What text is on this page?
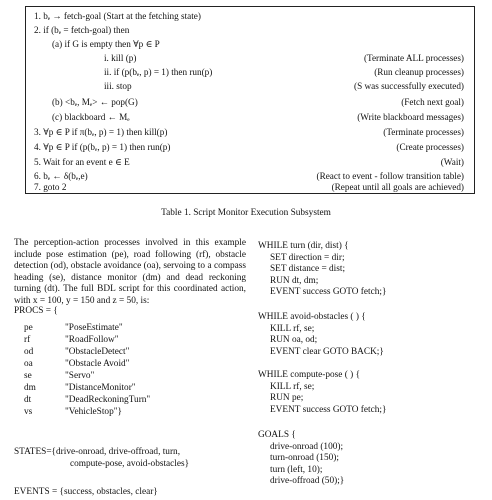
1. bₑ → fetch-goal (Start at the fetching state)
2. if (bₑ = fetch-goal) then
(a) if G is empty then ∀p ∈ P
i. kill (p)	(Terminate ALL processes)
ii. if (p(bₑ, p) = 1) then run(p)	(Run cleanup processes)
iii. stop	(S was successfully executed)
(b) <bₑ, Mₑ> ← pop(G)	(Fetch next goal)
(c) blackboard ← Mₑ	(Write blackboard messages)
3. ∀p ∈ P if π(bₑ, p) = 1) then kill(p)	(Terminate processes)
4. ∀p ∈ P if (p(bₑ, p) = 1) then run(p)	(Create processes)
5. Wait for an event e ∈ E	(Wait)
6. bₑ ← δ(bₑ,e)	(React to event - follow transition table)
7. goto 2	(Repeat until all goals are achieved)
Table 1. Script Monitor Execution Subsystem
The perception-action processes involved in this example include pose estimation (pe), road following (rf), obstacle detection (od), obstacle avoidance (oa), servoing to a compass heading (se), distance monitor (dm) and dead reckoning turning (dt). The full BDL script for this coordinated action, with x = 100, y = 150 and z = 50, is:
PROCS = {
pe	"PoseEstimate"
rf	"RoadFollow"
od	"ObstacleDetect"
oa	"Obstacle Avoid"
se	"Servo"
dm	"DistanceMonitor"
dt	"DeadReckoningTurn"
vs	"VehicleStop"}
STATES={drive-onroad, drive-offroad, turn,
compute-pose, avoid-obstacles}
EVENTS = {success, obstacles, clear}
WHILE turn (dir, dist) {
SET direction = dir;
SET distance = dist;
RUN dt, dm;
EVENT success GOTO fetch;}
WHILE avoid-obstacles ( ) {
KILL rf, se;
RUN oa, od;
EVENT clear GOTO BACK;}
WHILE compute-pose ( ) {
KILL rf, se;
RUN pe;
EVENT success GOTO fetch;}
GOALS {
drive-onroad (100);
turn-onroad (150);
turn (left, 10);
drive-offroad (50);}
